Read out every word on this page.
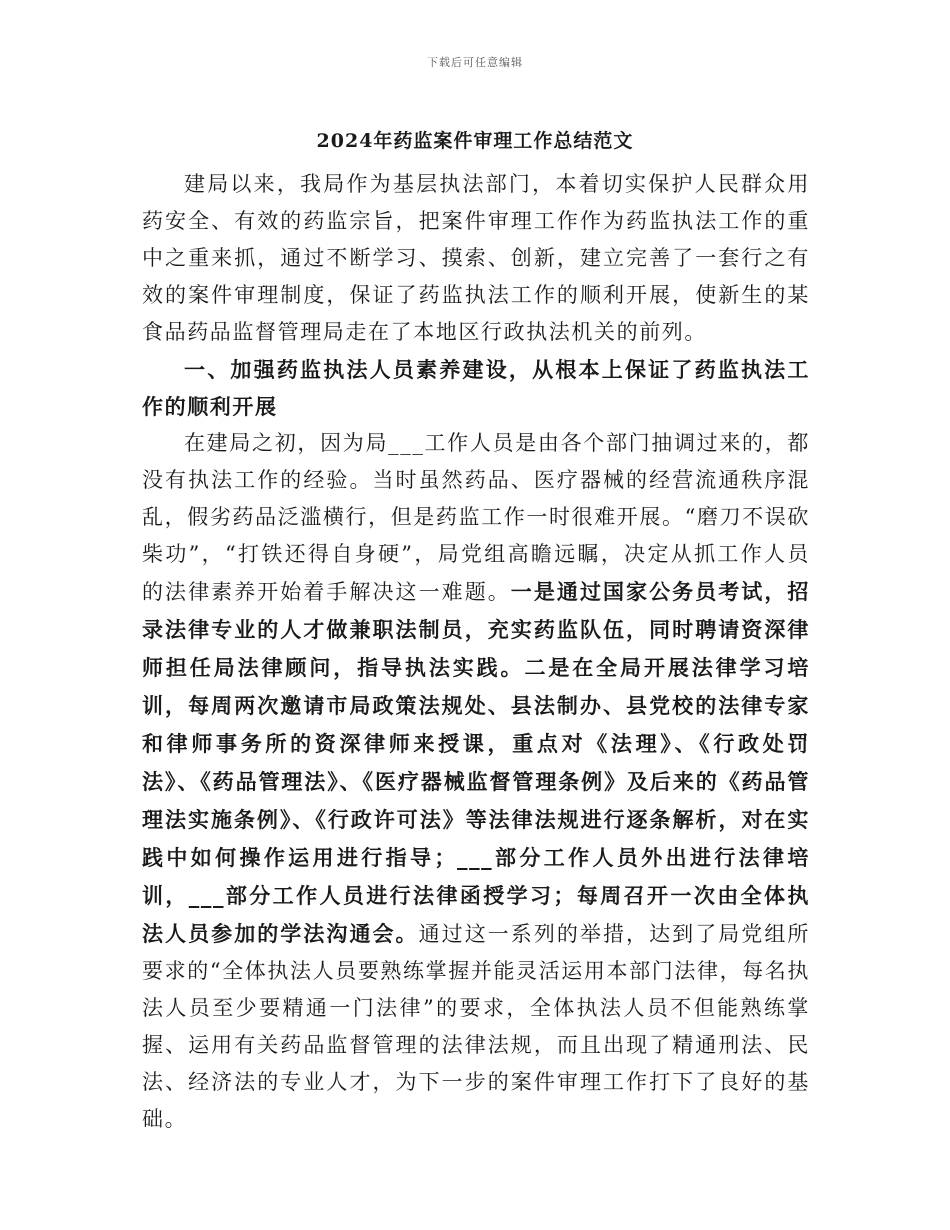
下载后可任意编辑
2024年药监案件审理工作总结范文

建局以来，我局作为基层执法部门，本着切实保护人民群众用药安全、有效的药监宗旨，把案件审理工作作为药监执法工作的重中之重来抓，通过不断学习、摸索、创新，建立完善了一套行之有效的案件审理制度，保证了药监执法工作的顺利开展，使新生的某食品药品监督管理局走在了本地区行政执法机关的前列。

一、加强药监执法人员素养建设，从根本上保证了药监执法工作的顺利开展

在建局之初，因为局___工作人员是由各个部门抽调过来的，都没有执法工作的经验。当时虽然药品、医疗器械的经营流通秩序混乱，假劣药品泛滥横行，但是药监工作一时很难开展。“磨刀不误砍柴功”，“打铁还得自身硬”，局党组高瞻远瞩，决定从抓工作人员的法律素养开始着手解决这一难题。一是通过国家公务员考试，招录法律专业的人才做兼职法制员，充实药监队伍，同时聘请资深律师担任局法律顾问，指导执法实践。二是在全局开展法律学习培训，每周两次邀请市局政策法规处、县法制办、县党校的法律专家和律师事务所的资深律师来授课，重点对《法理》、《行政处罚法》、《药品管理法》、《医疗器械监督管理条例》及后来的《药品管理法实施条例》、《行政许可法》等法律法规进行逐条解析，对在实践中如何操作运用进行指导；___部分工作人员外出进行法律培训，___部分工作人员进行法律函授学习；每周召开一次由全体执法人员参加的学法沟通会。通过这一系列的举措，达到了局党组所要求的“全体执法人员要熟练掌握并能灵活运用本部门法律，每名执法人员至少要精通一门法律”的要求，全体执法人员不但能熟练掌握、运用有关药品监督管理的法律法规，而且出现了精通刑法、民法、经济法的专业人才，为下一步的案件审理工作打下了良好的基础。
